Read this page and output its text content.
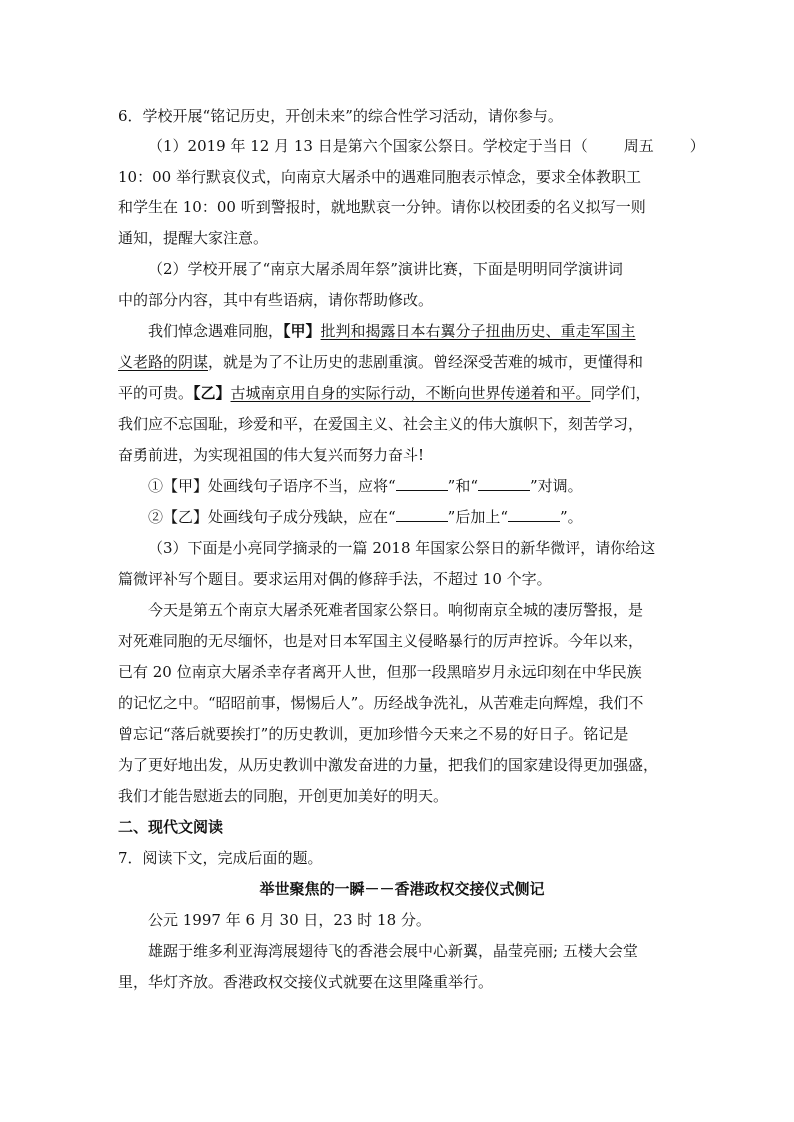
6．学校开展“铭记历史，开创未来”的综合性学习活动，请你参与。
（1）2019 年 12 月 13 日是第六个国家公祭日。学校定于当日（ 周五 ）
10：00 举行默哀仪式，向南京大屠杀中的遇难同胞表示悼念，要求全体教职工
和学生在 10：00 听到警报时，就地默哀一分钟。请你以校团委的名义拟写一则
通知，提醒大家注意。
（2）学校开展了“南京大屠杀周年祭”演讲比赛，下面是明明同学演讲词
中的部分内容，其中有些语病，请你帮助修改。
我们悼念遇难同胞，【甲】批判和揭露日本右翼分子扭曲历史、重走军国主
义老路的阴谋，就是为了不让历史的悲剧重演。曾经深受苦难的城市，更懂得和
平的可贵。【乙】古城南京用自身的实际行动，不断向世界传递着和平。同学们，
我们应不忘国耻，珍爱和平，在爱国主义、社会主义的伟大旗帜下，刻苦学习，
奋勇前进，为实现祖国的伟大复兴而努力奋斗!
①【甲】处画线句子语序不当，应将“	”和“	”对调。
②【乙】处画线句子成分残缺，应在“	”后加上“	”。
（3）下面是小亮同学摘录的一篇 2018 年国家公祭日的新华微评，请你给这
篇微评补写个题目。要求运用对偶的修辞手法，不超过 10 个字。
今天是第五个南京大屠杀死难者国家公祭日。响彻南京全城的凄厉警报，是
对死难同胞的无尽缅怀，也是对日本军国主义侵略暴行的厉声控诉。今年以来，
已有 20 位南京大屠杀幸存者离开人世，但那一段黑暗岁月永远印刻在中华民族
的记忆之中。“昭昭前事，惕惕后人”。历经战争洗礼，从苦难走向辉煌，我们不
曾忘记“落后就要挨打”的历史教训，更加珍惜今天来之不易的好日子。铭记是
为了更好地出发，从历史教训中激发奋进的力量，把我们的国家建设得更加强盛，
我们才能告慰逝去的同胞，开创更加美好的明天。
二、现代文阅读
7．阅读下文，完成后面的题。
举世聚焦的一瞬－－香港政权交接仪式侧记
公元 1997 年 6 月 30 日，23 时 18 分。
雄踞于维多利亚海湾展翅待飞的香港会展中心新翼，晶莹亮丽; 五楼大会堂
里，华灯齐放。香港政权交接仪式就要在这里隆重举行。
